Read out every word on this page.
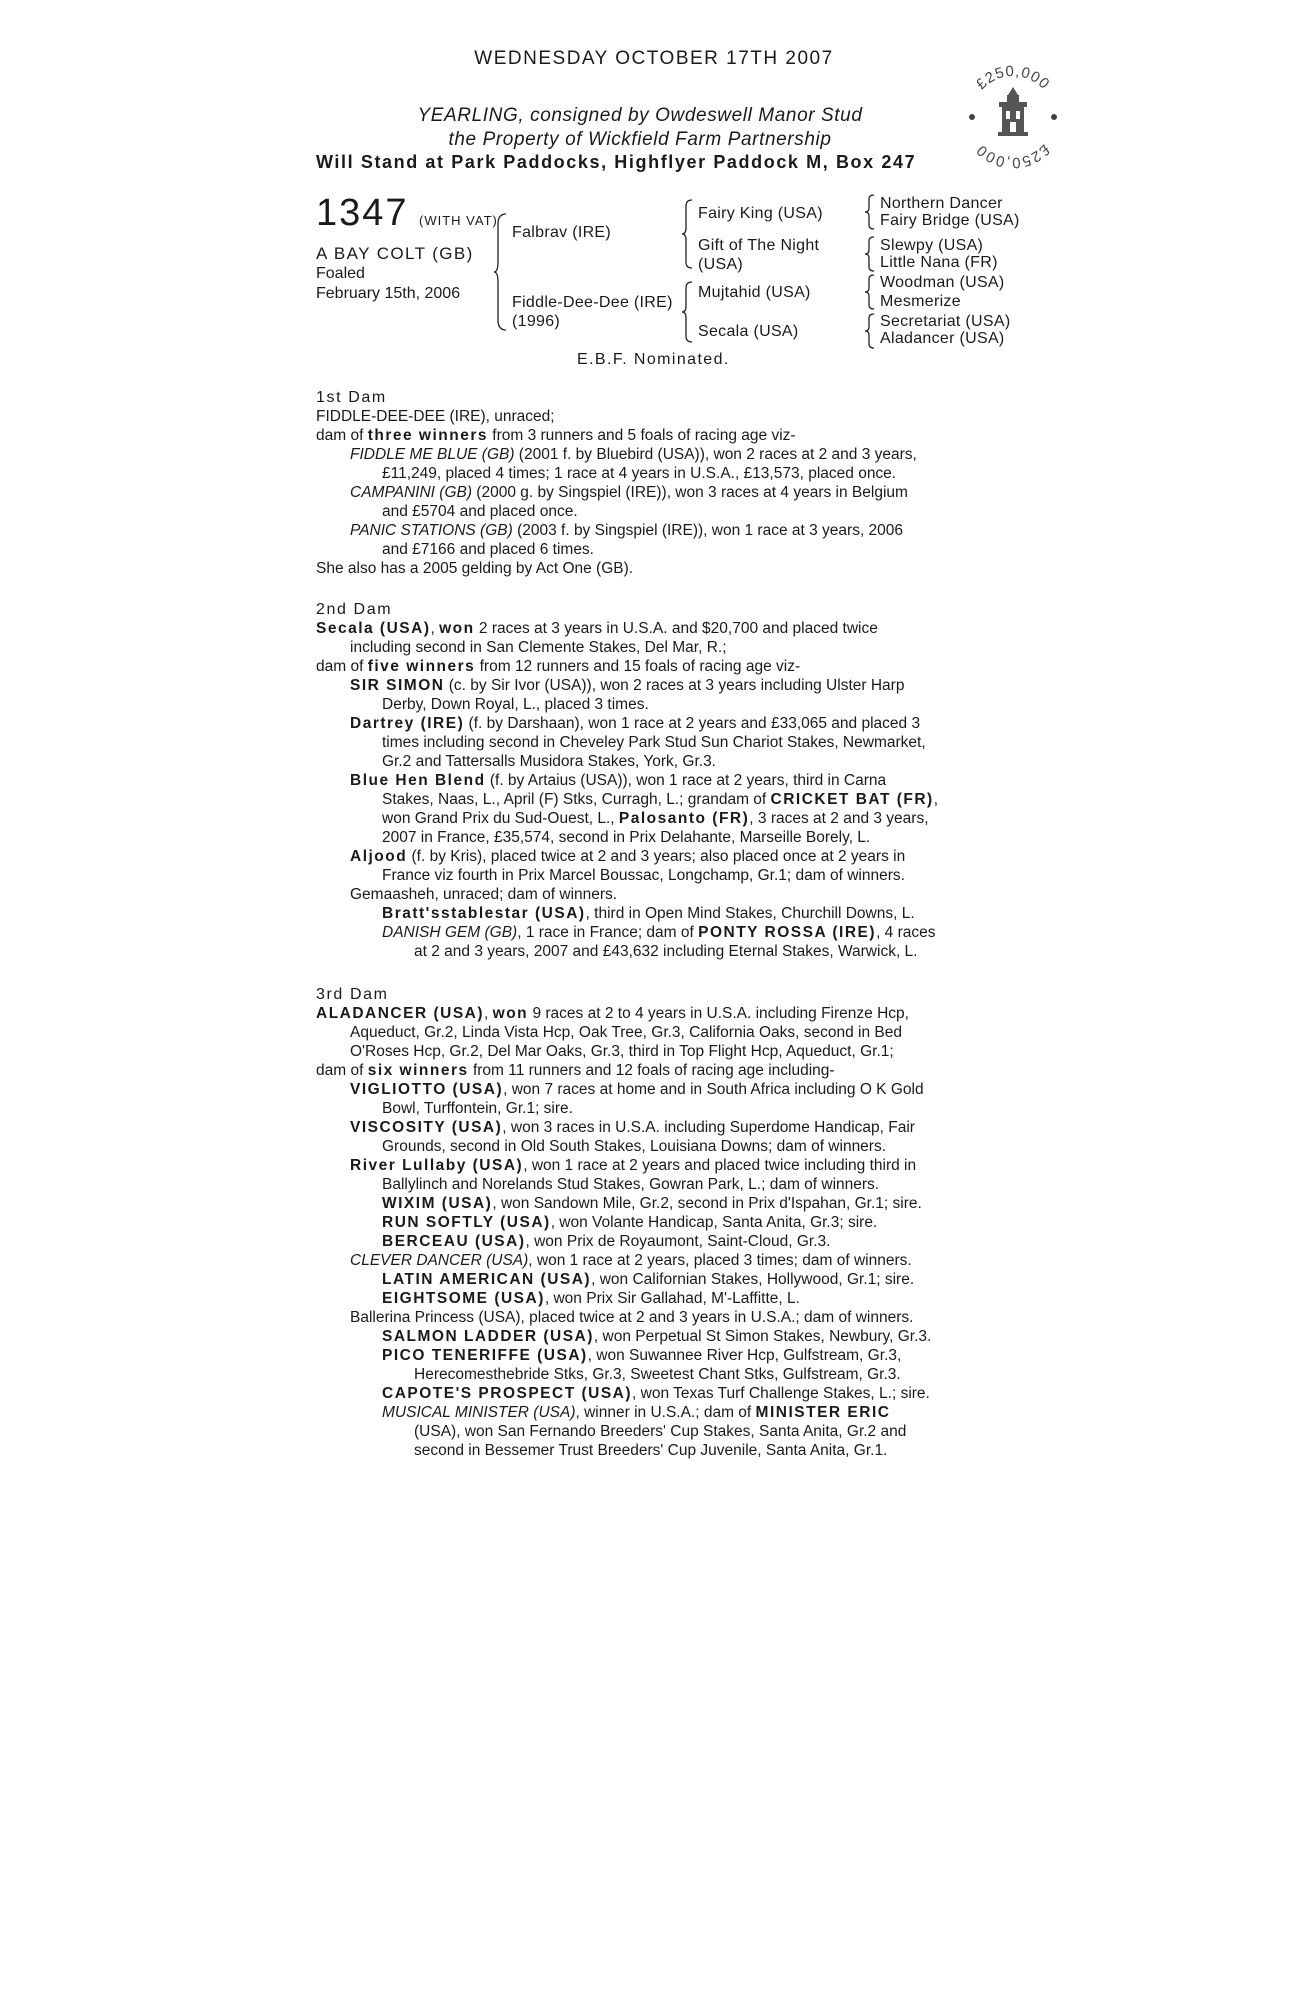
WEDNESDAY OCTOBER 17TH 2007
YEARLING, consigned by Owdeswell Manor Stud
the Property of Wickfield Farm Partnership
Will Stand at Park Paddocks, Highflyer Paddock M, Box 247
£250,000
£250,000
1347 (WITH VAT)
A BAY COLT (GB)
Foaled
February 15th, 2006
Falbrav (IRE)
Fiddle-Dee-Dee (IRE)
(1996)
Fairy King (USA)
Gift of The Night
(USA)
Mujtahid (USA)
Secala (USA)
Northern Dancer
Fairy Bridge (USA)
Slewpy (USA)
Little Nana (FR)
Woodman (USA)
Mesmerize
Secretariat (USA)
Aladancer (USA)
E.B.F. Nominated.

1st Dam

FIDDLE-DEE-DEE (IRE), unraced;

dam of three winners from 3 runners and 5 foals of racing age viz-

FIDDLE ME BLUE (GB) (2001 f. by Bluebird (USA)), won 2 races at 2 and 3 years,

£11,249, placed 4 times; 1 race at 4 years in U.S.A., £13,573, placed once.

CAMPANINI (GB) (2000 g. by Singspiel (IRE)), won 3 races at 4 years in Belgium

and £5704 and placed once.

PANIC STATIONS (GB) (2003 f. by Singspiel (IRE)), won 1 race at 3 years, 2006

and £7166 and placed 6 times.

She also has a 2005 gelding by Act One (GB).

2nd Dam

Secala (USA), won 2 races at 3 years in U.S.A. and $20,700 and placed twice

including second in San Clemente Stakes, Del Mar, R.;

dam of five winners from 12 runners and 15 foals of racing age viz-

SIR SIMON (c. by Sir Ivor (USA)), won 2 races at 3 years including Ulster Harp

Derby, Down Royal, L., placed 3 times.

Dartrey (IRE) (f. by Darshaan), won 1 race at 2 years and £33,065 and placed 3

times including second in Cheveley Park Stud Sun Chariot Stakes, Newmarket,

Gr.2 and Tattersalls Musidora Stakes, York, Gr.3.

Blue Hen Blend (f. by Artaius (USA)), won 1 race at 2 years, third in Carna

Stakes, Naas, L., April (F) Stks, Curragh, L.; grandam of CRICKET BAT (FR),

won Grand Prix du Sud-Ouest, L., Palosanto (FR), 3 races at 2 and 3 years,

2007 in France, £35,574, second in Prix Delahante, Marseille Borely, L.

Aljood (f. by Kris), placed twice at 2 and 3 years; also placed once at 2 years in

France viz fourth in Prix Marcel Boussac, Longchamp, Gr.1; dam of winners.

Gemaasheh, unraced; dam of winners.

Bratt'sstablestar (USA), third in Open Mind Stakes, Churchill Downs, L.

DANISH GEM (GB), 1 race in France; dam of PONTY ROSSA (IRE), 4 races

at 2 and 3 years, 2007 and £43,632 including Eternal Stakes, Warwick, L.

3rd Dam

ALADANCER (USA), won 9 races at 2 to 4 years in U.S.A. including Firenze Hcp,

Aqueduct, Gr.2, Linda Vista Hcp, Oak Tree, Gr.3, California Oaks, second in Bed

O'Roses Hcp, Gr.2, Del Mar Oaks, Gr.3, third in Top Flight Hcp, Aqueduct, Gr.1;

dam of six winners from 11 runners and 12 foals of racing age including-

VIGLIOTTO (USA), won 7 races at home and in South Africa including O K Gold

Bowl, Turffontein, Gr.1; sire.

VISCOSITY (USA), won 3 races in U.S.A. including Superdome Handicap, Fair

Grounds, second in Old South Stakes, Louisiana Downs; dam of winners.

River Lullaby (USA), won 1 race at 2 years and placed twice including third in

Ballylinch and Norelands Stud Stakes, Gowran Park, L.; dam of winners.

WIXIM (USA), won Sandown Mile, Gr.2, second in Prix d'Ispahan, Gr.1; sire.

RUN SOFTLY (USA), won Volante Handicap, Santa Anita, Gr.3; sire.

BERCEAU (USA), won Prix de Royaumont, Saint-Cloud, Gr.3.

CLEVER DANCER (USA), won 1 race at 2 years, placed 3 times; dam of winners.

LATIN AMERICAN (USA), won Californian Stakes, Hollywood, Gr.1; sire.

EIGHTSOME (USA), won Prix Sir Gallahad, M'-Laffitte, L.

Ballerina Princess (USA), placed twice at 2 and 3 years in U.S.A.; dam of winners.

SALMON LADDER (USA), won Perpetual St Simon Stakes, Newbury, Gr.3.

PICO TENERIFFE (USA), won Suwannee River Hcp, Gulfstream, Gr.3,

Herecomesthebride Stks, Gr.3, Sweetest Chant Stks, Gulfstream, Gr.3.

CAPOTE'S PROSPECT (USA), won Texas Turf Challenge Stakes, L.; sire.

MUSICAL MINISTER (USA), winner in U.S.A.; dam of MINISTER ERIC

(USA), won San Fernando Breeders' Cup Stakes, Santa Anita, Gr.2 and

second in Bessemer Trust Breeders' Cup Juvenile, Santa Anita, Gr.1.
